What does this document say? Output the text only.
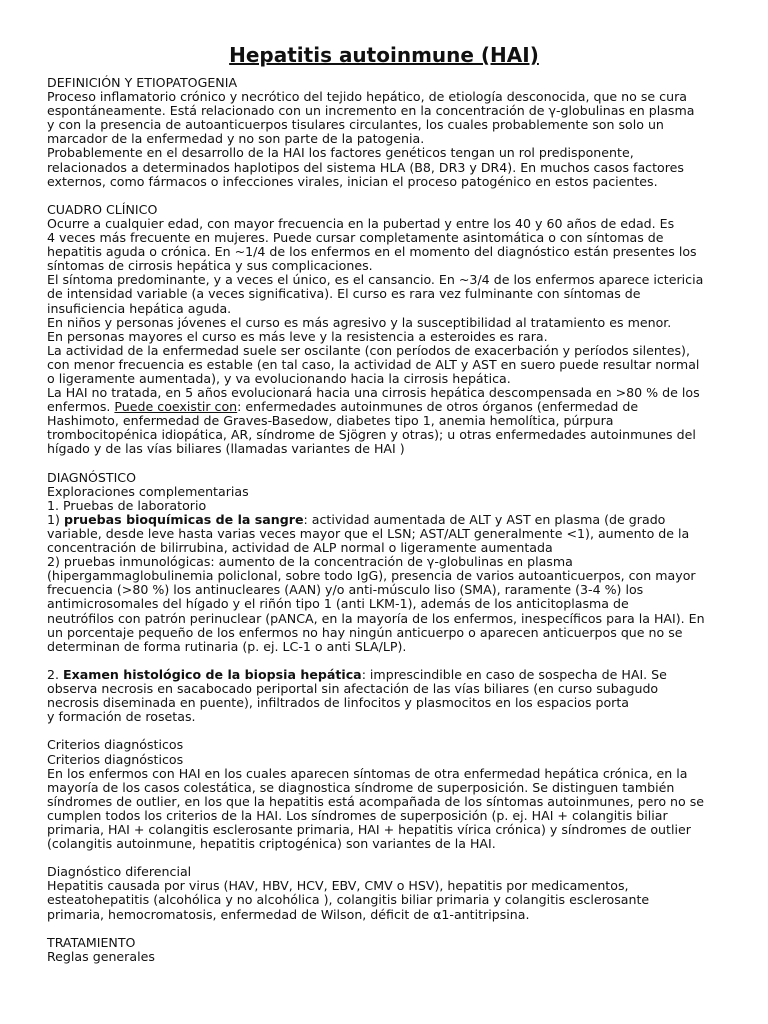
Hepatitis autoinmune (HAI)
DEFINICIÓN Y ETIOPATOGENIA
Proceso inflamatorio crónico y necrótico del tejido hepático, de etiología desconocida, que no se cura
espontáneamente. Está relacionado con un incremento en la concentración de γ-globulinas en plasma
y con la presencia de autoanticuerpos tisulares circulantes, los cuales probablemente son solo un
marcador de la enfermedad y no son parte de la patogenia.
Probablemente en el desarrollo de la HAI los factores genéticos tengan un rol predisponente,
relacionados a determinados haplotipos del sistema HLA (B8, DR3 y DR4). En muchos casos factores
externos, como fármacos o infecciones virales, inician el proceso patogénico en estos pacientes.
CUADRO CLÍNICO
Ocurre a cualquier edad, con mayor frecuencia en la pubertad y entre los 40 y 60 años de edad. Es
4 veces más frecuente en mujeres. Puede cursar completamente asintomática o con síntomas de
hepatitis aguda o crónica. En ~1/4 de los enfermos en el momento del diagnóstico están presentes los
síntomas de cirrosis hepática y sus complicaciones.
El síntoma predominante, y a veces el único, es el cansancio. En ~3/4 de los enfermos aparece ictericia
de intensidad variable (a veces significativa). El curso es rara vez fulminante con síntomas de
insuficiencia hepática aguda.
En niños y personas jóvenes el curso es más agresivo y la susceptibilidad al tratamiento es menor.
En personas mayores el curso es más leve y la resistencia a esteroides es rara.
La actividad de la enfermedad suele ser oscilante (con períodos de exacerbación y períodos silentes),
con menor frecuencia es estable (en tal caso, la actividad de ALT y AST en suero puede resultar normal
o ligeramente aumentada), y va evolucionando hacia la cirrosis hepática.
La HAI no tratada, en 5 años evolucionará hacia una cirrosis hepática descompensada en >80 % de los
enfermos. Puede coexistir con: enfermedades autoinmunes de otros órganos (enfermedad de
Hashimoto, enfermedad de Graves-Basedow, diabetes tipo 1, anemia hemolítica, púrpura
trombocitopénica idiopática, AR, síndrome de Sjögren y otras); u otras enfermedades autoinmunes del
hígado y de las vías biliares (llamadas variantes de HAI )
DIAGNÓSTICO
Exploraciones complementarias
1. Pruebas de laboratorio
1) pruebas bioquímicas de la sangre: actividad aumentada de ALT y AST en plasma (de grado
variable, desde leve hasta varias veces mayor que el LSN; AST/ALT generalmente <1), aumento de la
concentración de bilirrubina, actividad de ALP normal o ligeramente aumentada
2) pruebas inmunológicas: aumento de la concentración de γ-globulinas en plasma
(hipergammaglobulinemia policlonal, sobre todo IgG), presencia de varios autoanticuerpos, con mayor
frecuencia (>80 %) los antinucleares (AAN) y/o anti-músculo liso (SMA), raramente (3-4 %) los
antimicrosomales del hígado y el riñón tipo 1 (anti LKM-1), además de los anticitoplasma de
neutrófilos con patrón perinuclear (pANCA, en la mayoría de los enfermos, inespecíficos para la HAI). En
un porcentaje pequeño de los enfermos no hay ningún anticuerpo o aparecen anticuerpos que no se
determinan de forma rutinaria (p. ej. LC-1 o anti SLA/LP).
2. Examen histológico de la biopsia hepática: imprescindible en caso de sospecha de HAI. Se
observa necrosis en sacabocado periportal sin afectación de las vías biliares (en curso subagudo
necrosis diseminada en puente), infiltrados de linfocitos y plasmocitos en los espacios porta
y formación de rosetas.
Criterios diagnósticos
Criterios diagnósticos
En los enfermos con HAI en los cuales aparecen síntomas de otra enfermedad hepática crónica, en la
mayoría de los casos colestática, se diagnostica síndrome de superposición. Se distinguen también
síndromes de outlier, en los que la hepatitis está acompañada de los síntomas autoinmunes, pero no se
cumplen todos los criterios de la HAI. Los síndromes de superposición (p. ej. HAI + colangitis biliar
primaria, HAI + colangitis esclerosante primaria, HAI + hepatitis vírica crónica) y síndromes de outlier
(colangitis autoinmune, hepatitis criptogénica) son variantes de la HAI.
Diagnóstico diferencial
Hepatitis causada por virus (HAV, HBV, HCV, EBV, CMV o HSV), hepatitis por medicamentos,
esteatohepatitis (alcohólica y no alcohólica ), colangitis biliar primaria y colangitis esclerosante
primaria, hemocromatosis, enfermedad de Wilson, déficit de α1-antitripsina.
TRATAMIENTO
Reglas generales
